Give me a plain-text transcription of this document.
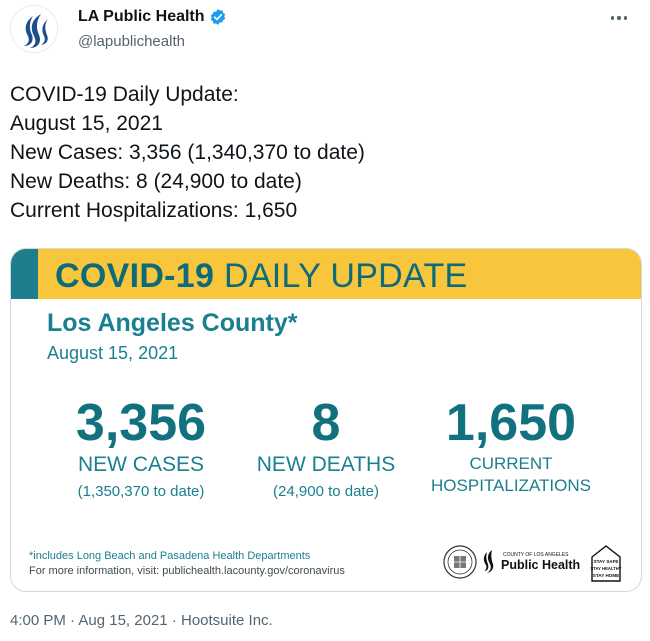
LA Public Health
@lapublichealth
COVID-19 Daily Update:
August 15, 2021
New Cases: 3,356 (1,340,370 to date)
New Deaths: 8 (24,900 to date)
Current Hospitalizations: 1,650
COVID-19 DAILY UPDATE
Los Angeles County*
August 15, 2021
3,356
NEW CASES
(1,350,370 to date)
8
NEW DEATHS
(24,900 to date)
1,650
CURRENT
HOSPITALIZATIONS
*includes Long Beach and Pasadena Health Departments
For more information, visit: publichealth.lacounty.gov/coronavirus
COUNTY OF LOS ANGELES
Public Health	STAY SAFE
STAY HEALTHY
STAY HOME
4:00 PM · Aug 15, 2021 · Hootsuite Inc.
